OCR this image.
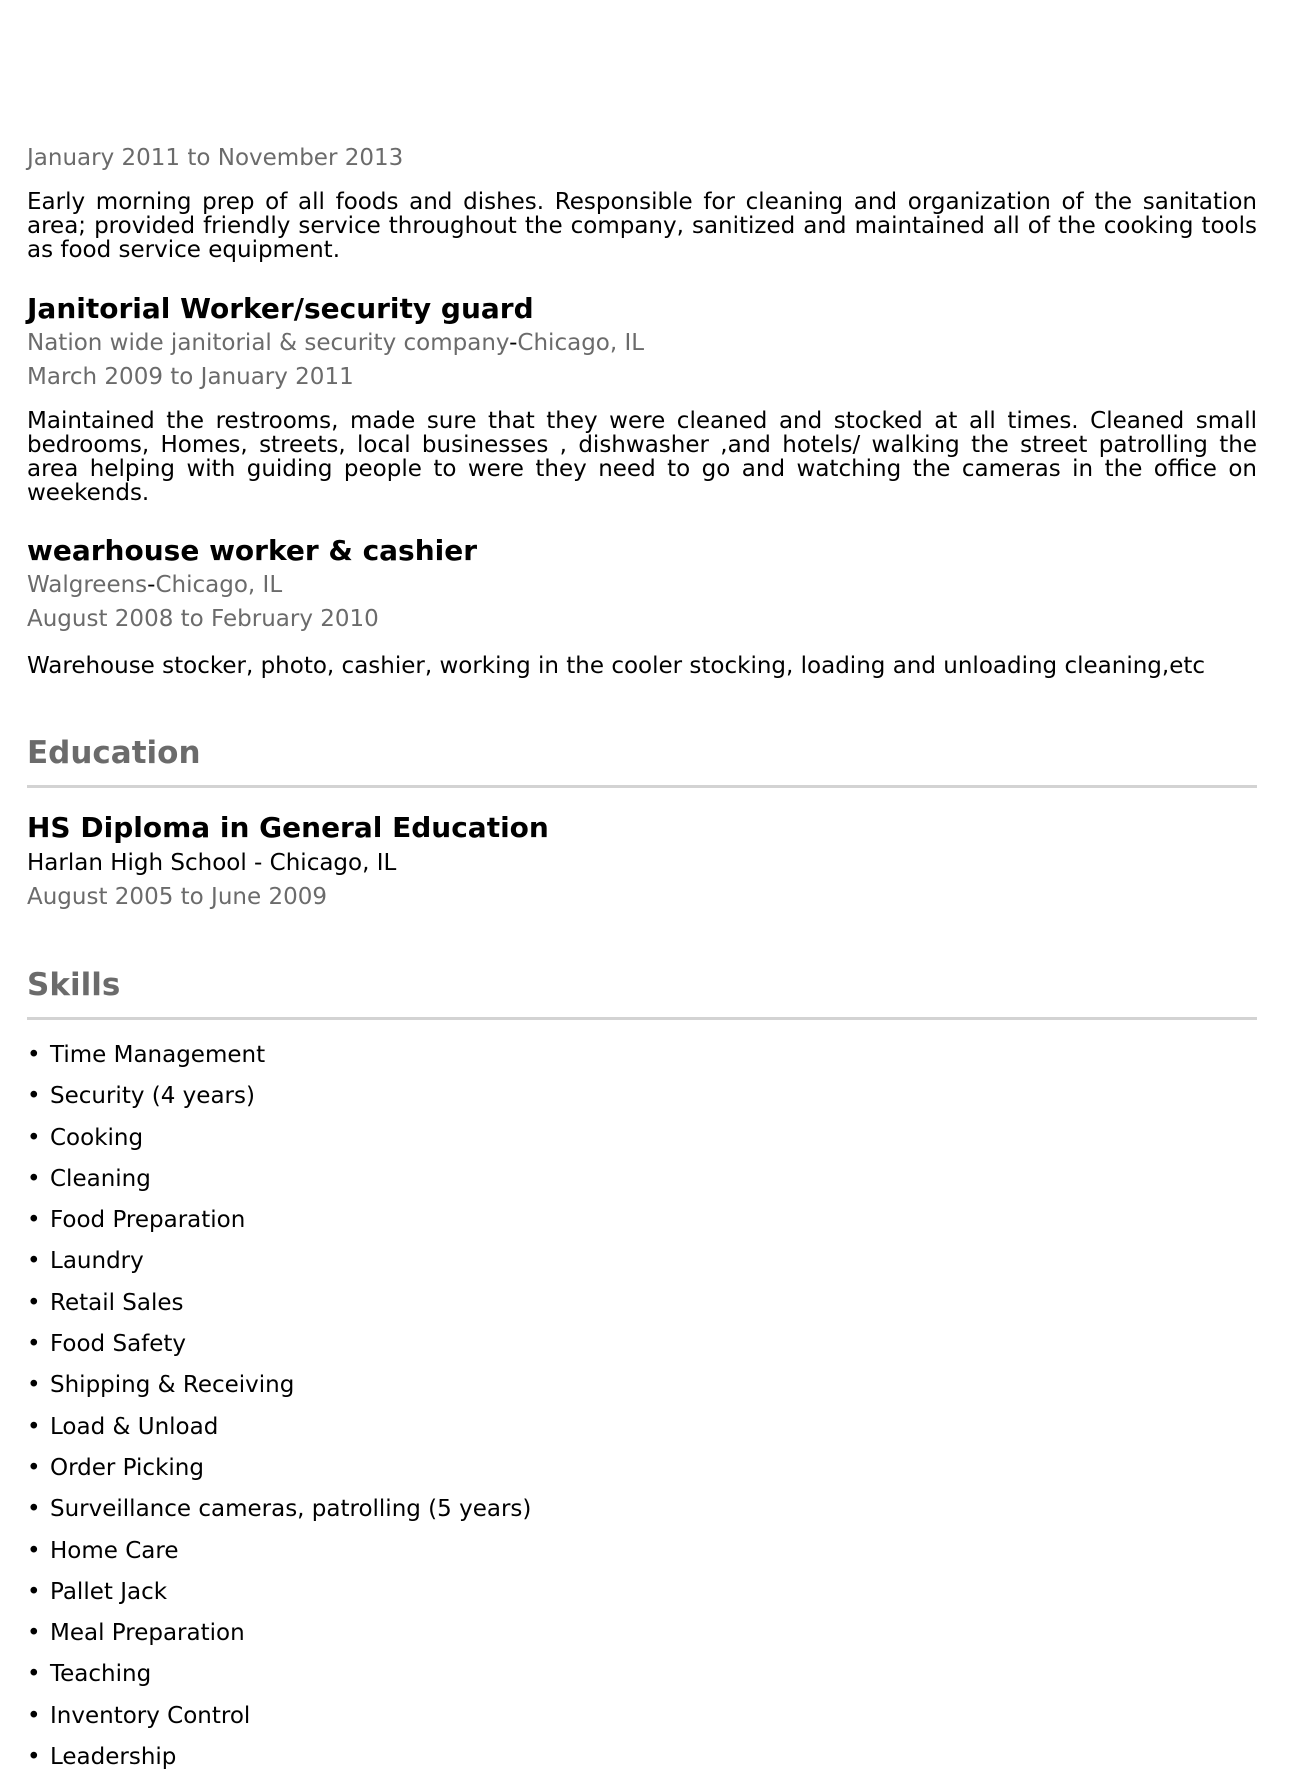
January 2011 to November 2013

Early morning prep of all foods and dishes. Responsible for cleaning and organization of the sanitation area; provided friendly service throughout the company, sanitized and maintained all of the cooking tools as food service equipment.

Janitorial Worker/security guard

Nation wide janitorial & security company-Chicago, IL

March 2009 to January 2011

Maintained the restrooms, made sure that they were cleaned and stocked at all times. Cleaned small bedrooms, Homes, streets, local businesses , dishwasher ,and hotels/ walking the street patrolling the area helping with guiding people to were they need to go and watching the cameras in the office on weekends.

wearhouse worker & cashier

Walgreens-Chicago, IL

August 2008 to February 2010

Warehouse stocker, photo, cashier, working in the cooler stocking, loading and unloading cleaning,etc

Education
HS Diploma in General Education

Harlan High School - Chicago, IL

August 2005 to June 2009

Skills
• Time Management
• Security (4 years)
• Cooking
• Cleaning
• Food Preparation
• Laundry
• Retail Sales
• Food Safety
• Shipping & Receiving
• Load & Unload
• Order Picking
• Surveillance cameras, patrolling (5 years)
• Home Care
• Pallet Jack
• Meal Preparation
• Teaching
• Inventory Control
• Leadership
